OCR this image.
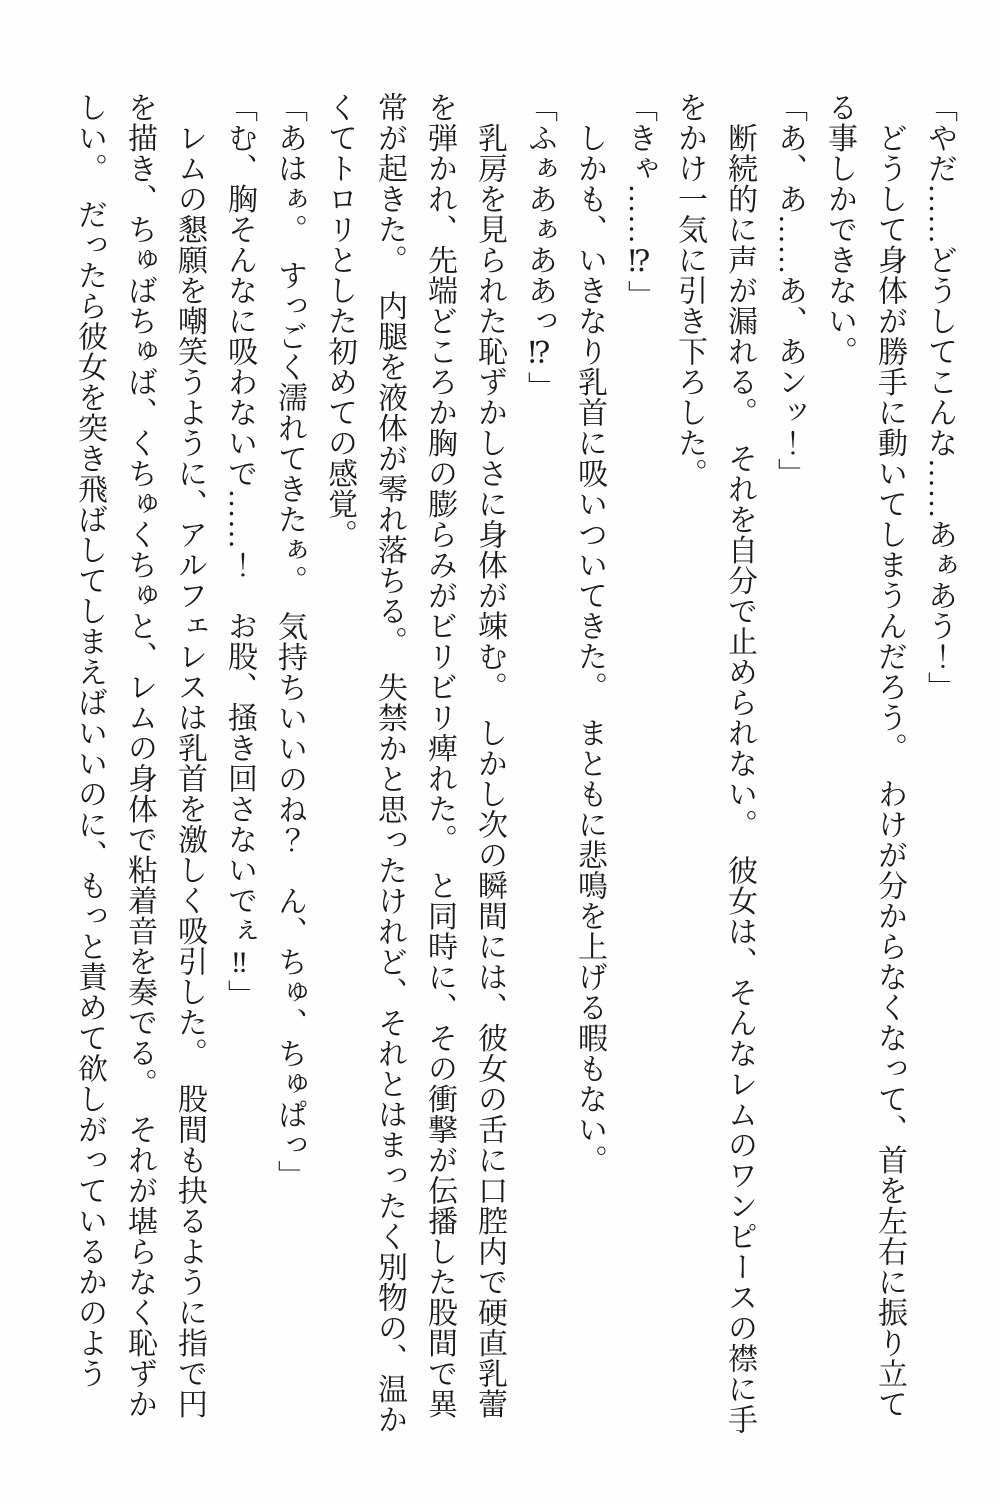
「やだ……どうしてこんな……あぁあう！」

　どうして身体が勝手に動いてしまうんだろう。　わけが分からなくなって、首を左右に振り立て

る事しかできない。

「あ、あ……あ、あンッ！」

　断続的に声が漏れる。　それを自分で止められない。　彼女は、そんなレムのワンピースの襟に手

をかけ一気に引き下ろした。

「きゃ……⁉」

　しかも、いきなり乳首に吸いついてきた。　まともに悲鳴を上げる暇もない。

「ふぁあぁああっ⁉」

　乳房を見られた恥ずかしさに身体が竦む。　しかし次の瞬間には、彼女の舌に口腔内で硬直乳蕾

を弾かれ、先端どころか胸の膨らみがビリビリ痺れた。　と同時に、その衝撃が伝播した股間で異

常が起きた。　内腿を液体が零れ落ちる。　失禁かと思ったけれど、それとはまったく別物の、温か

くてトロリとした初めての感覚。

「あはぁ。　すっごく濡れてきたぁ。　気持ちいいのね？　ん、ちゅ、ちゅぱっ」

「む、胸そんなに吸わないで……！　お股、掻き回さないでぇ‼」

　レムの懇願を嘲笑うように、アルフェレスは乳首を激しく吸引した。　股間も抉るように指で円

を描き、ちゅばちゅば、くちゅくちゅと、レムの身体で粘着音を奏でる。　それが堪らなく恥ずか

しい。　だったら彼女を突き飛ばしてしまえばいいのに、もっと責めて欲しがっているかのよう
